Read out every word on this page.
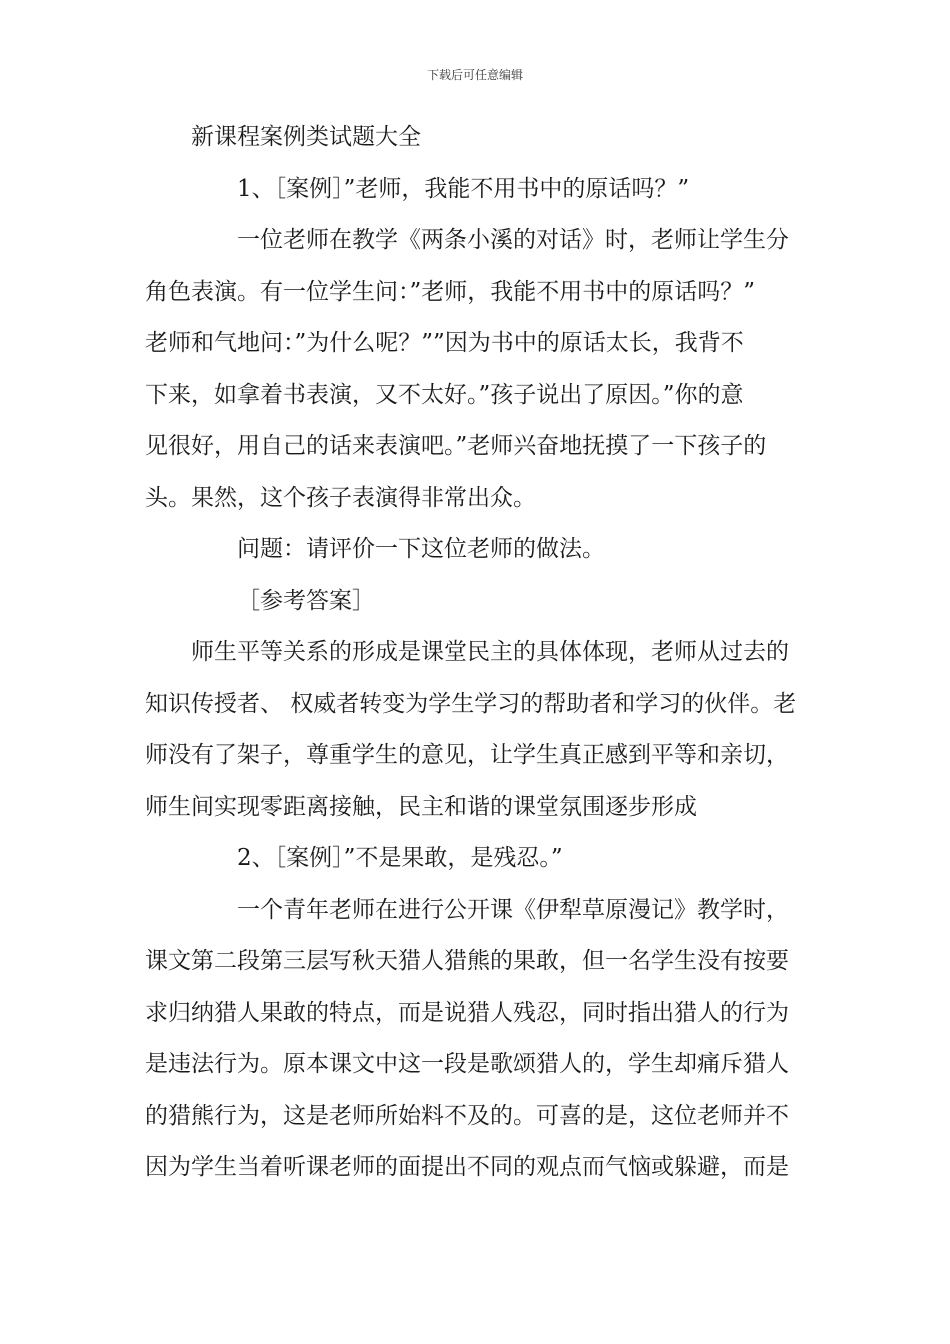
下载后可任意编辑
新课程案例类试题大全
1、［案例］”老师，我能不用书中的原话吗？”
一位老师在教学《两条小溪的对话》时，老师让学生分
角色表演。有一位学生问：”老师，我能不用书中的原话吗？”
老师和气地问：”为什么呢？””因为书中的原话太长，我背不
下来，如拿着书表演，又不太好。”孩子说出了原因。”你的意
见很好，用自己的话来表演吧。”老师兴奋地抚摸了一下孩子的
头。果然，这个孩子表演得非常出众。
问题：请评价一下这位老师的做法。
［参考答案］
师生平等关系的形成是课堂民主的具体体现，老师从过去的
知识传授者、 权威者转变为学生学习的帮助者和学习的伙伴。老
师没有了架子，尊重学生的意见，让学生真正感到平等和亲切，
师生间实现零距离接触，民主和谐的课堂氛围逐步形成
2、［案例］”不是果敢，是残忍。”
一个青年老师在进行公开课《伊犁草原漫记》教学时，
课文第二段第三层写秋天猎人猎熊的果敢，但一名学生没有按要
求归纳猎人果敢的特点，而是说猎人残忍，同时指出猎人的行为
是违法行为。原本课文中这一段是歌颂猎人的，学生却痛斥猎人
的猎熊行为，这是老师所始料不及的。可喜的是，这位老师并不
因为学生当着听课老师的面提出不同的观点而气恼或躲避，而是
